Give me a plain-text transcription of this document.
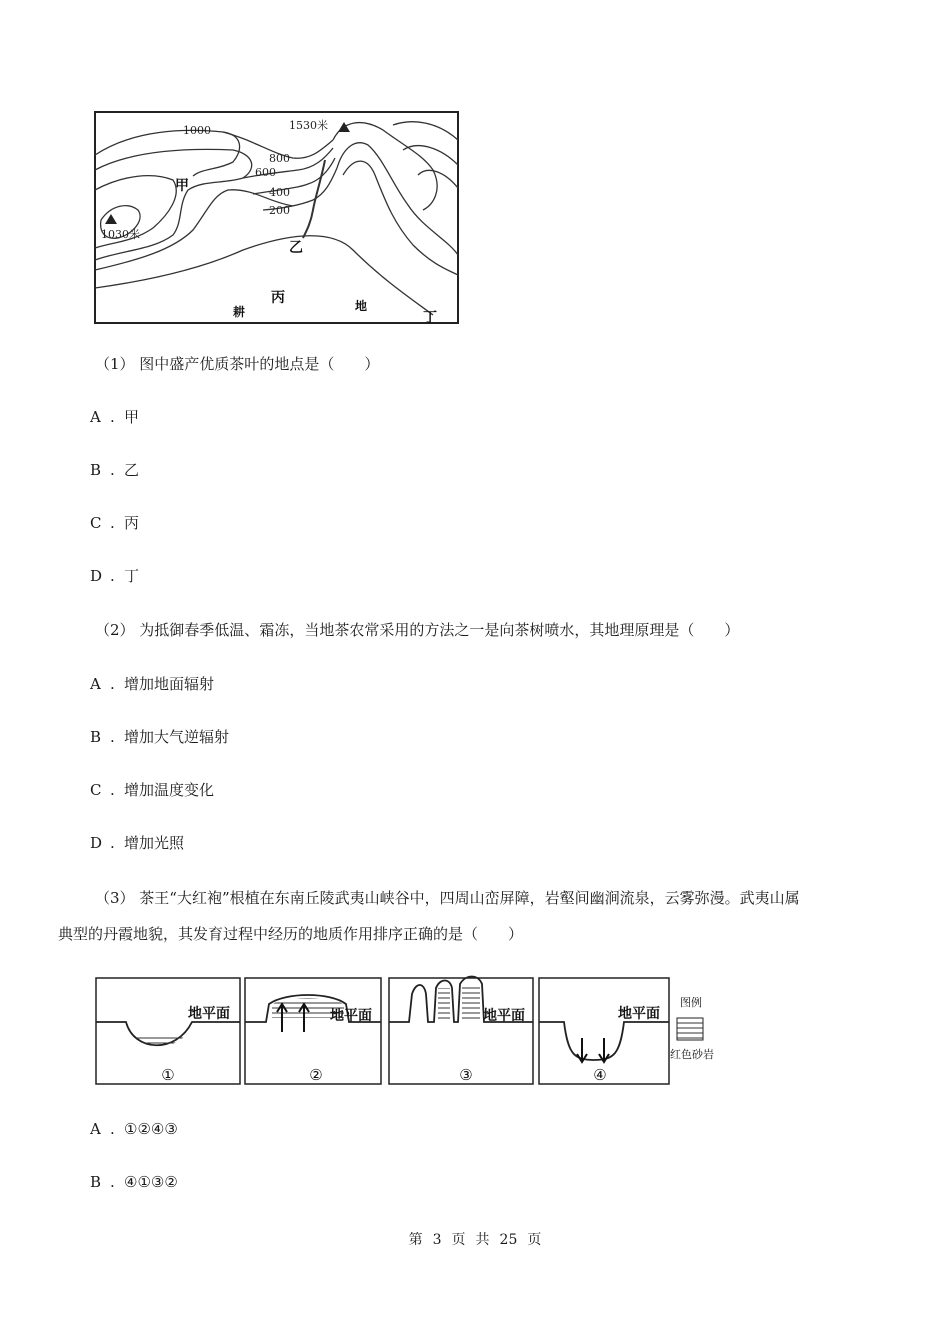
1530米
1030米
1000
800
600
400
200
甲
乙
丙
丁
耕	地
（1） 图中盛产优质茶叶的地点是（　　）
A . 甲
B . 乙
C . 丙
D . 丁
（2） 为抵御春季低温、霜冻，当地茶农常采用的方法之一是向茶树喷水，其地理原理是（　　）
A . 增加地面辐射
B . 增加大气逆辐射
C . 增加温度变化
D . 增加光照
（3） 茶王“大红袍”根植在东南丘陵武夷山峡谷中，四周山峦屏障，岩壑间幽涧流泉，云雾弥漫。武夷山属
典型的丹霞地貌，其发育过程中经历的地质作用排序正确的是（　　）
地平面	地平面	地平面	地平面
①	②	③	④
图例
红色砂岩
A . ①②④③
B . ④①③②
第 3 页 共 25 页
